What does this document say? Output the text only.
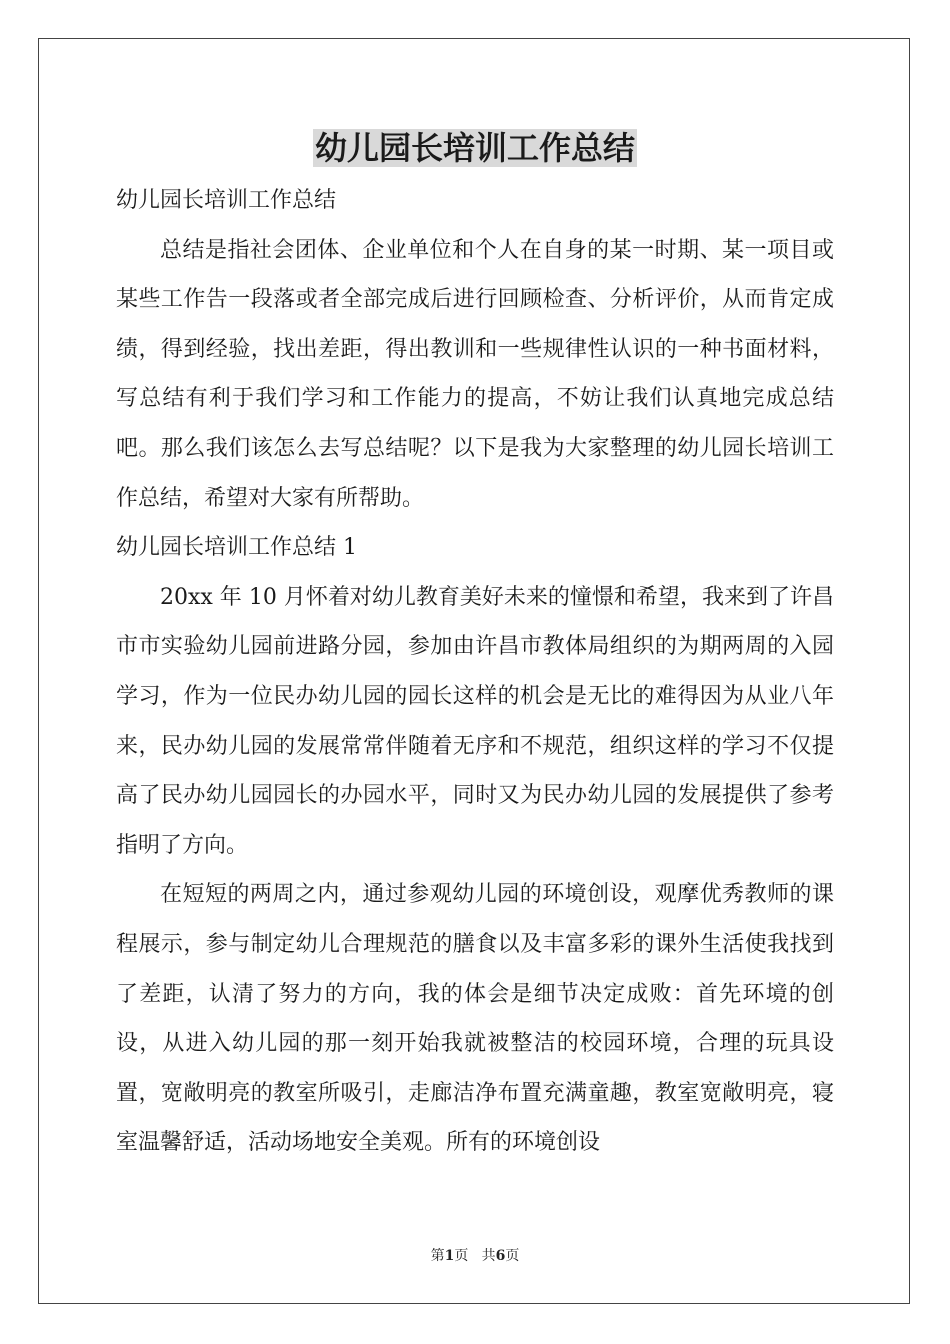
幼儿园长培训工作总结

幼儿园长培训工作总结

总结是指社会团体、企业单位和个人在自身的某一时期、某一项目或某些工作告一段落或者全部完成后进行回顾检查、分析评价，从而肯定成绩，得到经验，找出差距，得出教训和一些规律性认识的一种书面材料，写总结有利于我们学习和工作能力的提高，不妨让我们认真地完成总结吧。那么我们该怎么去写总结呢？以下是我为大家整理的幼儿园长培训工作总结，希望对大家有所帮助。

幼儿园长培训工作总结 1

20xx 年 10 月怀着对幼儿教育美好未来的憧憬和希望，我来到了许昌市市实验幼儿园前进路分园，参加由许昌市教体局组织的为期两周的入园学习，作为一位民办幼儿园的园长这样的机会是无比的难得因为从业八年来，民办幼儿园的发展常常伴随着无序和不规范，组织这样的学习不仅提高了民办幼儿园园长的办园水平，同时又为民办幼儿园的发展提供了参考指明了方向。

在短短的两周之内，通过参观幼儿园的环境创设，观摩优秀教师的课程展示，参与制定幼儿合理规范的膳食以及丰富多彩的课外生活使我找到了差距，认清了努力的方向，我的体会是细节决定成败：首先环境的创设，从进入幼儿园的那一刻开始我就被整洁的校园环境，合理的玩具设置，宽敞明亮的教室所吸引，走廊洁净布置充满童趣，教室宽敞明亮，寝室温馨舒适，活动场地安全美观。所有的环境创设

第1页 共6页
